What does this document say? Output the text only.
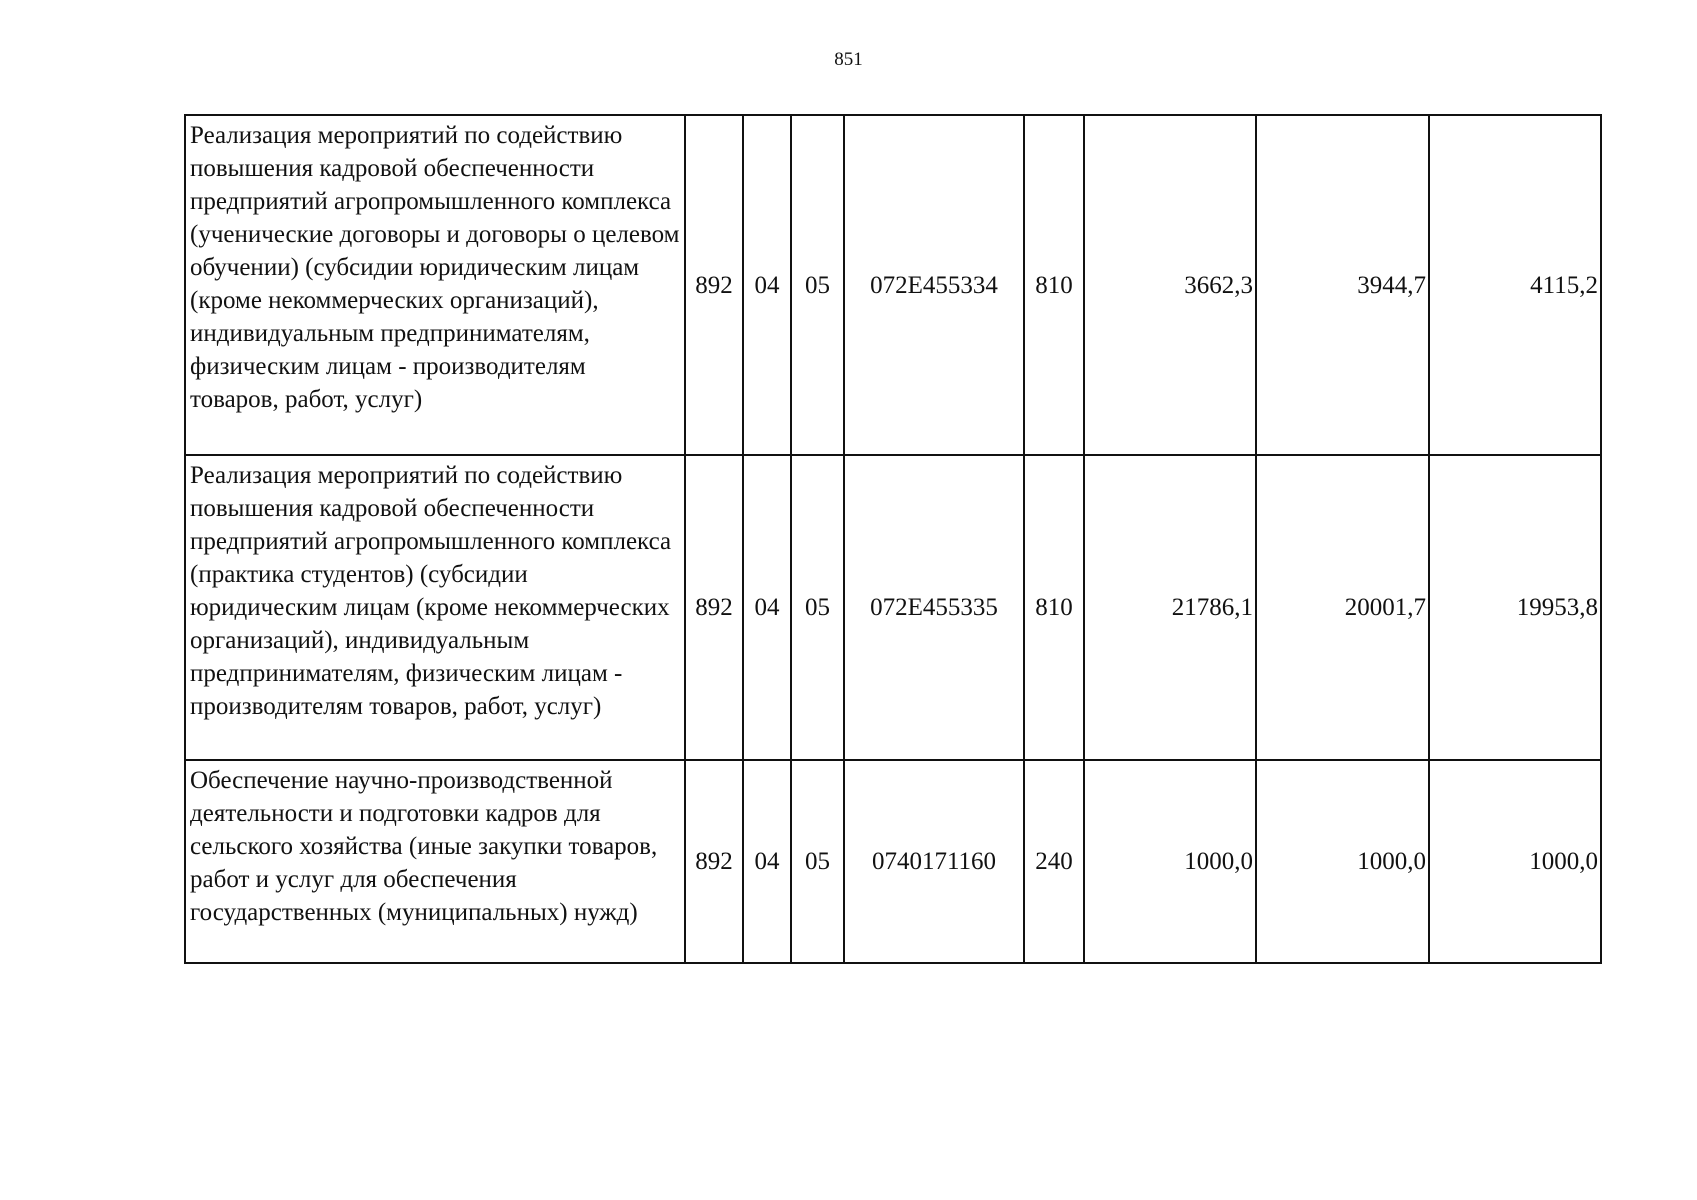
851
Реализация мероприятий по содействию повышения кадровой обеспеченности предприятий агропромышленного комплекса (ученические договоры и договоры о целевом обучении) (субсидии юридическим лицам (кроме некоммерческих организаций), индивидуальным предпринимателям, физическим лицам - производителям товаров, работ, услуг)	892	04	05	072E455334	810	3662,3	3944,7	4115,2
Реализация мероприятий по содействию повышения кадровой обеспеченности предприятий агропромышленного комплекса (практика студентов) (субсидии юридическим лицам (кроме некоммерческих организаций), индивидуальным предпринимателям, физическим лицам - производителям товаров, работ, услуг)	892	04	05	072E455335	810	21786,1	20001,7	19953,8
Обеспечение научно-производственной деятельности и подготовки кадров для сельского хозяйства (иные закупки товаров, работ и услуг для обеспечения государственных (муниципальных) нужд)	892	04	05	0740171160	240	1000,0	1000,0	1000,0
